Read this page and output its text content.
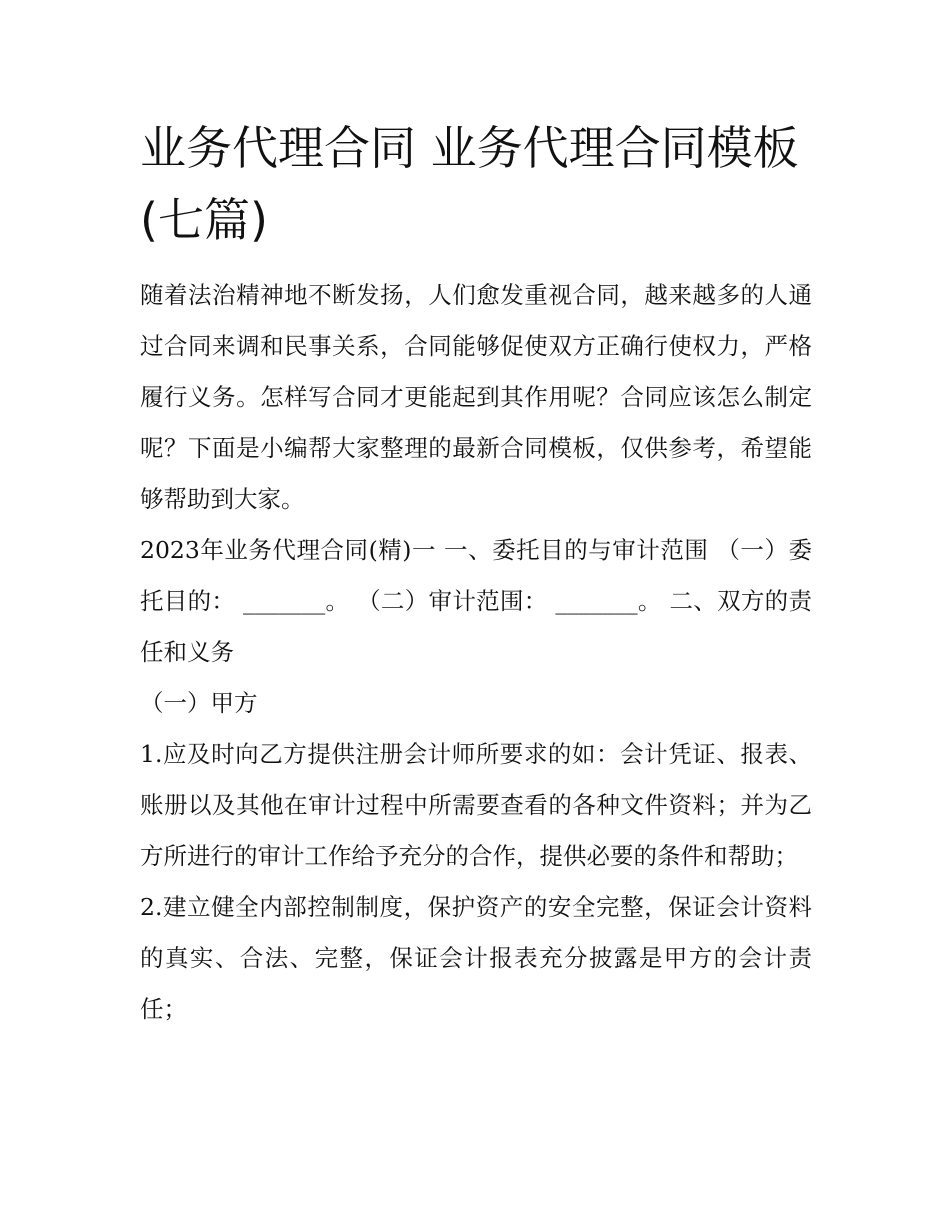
业务代理合同 业务代理合同模板(七篇)

随着法治精神地不断发扬，人们愈发重视合同，越来越多的人通过合同来调和民事关系，合同能够促使双方正确行使权力，严格履行义务。怎样写合同才更能起到其作用呢？合同应该怎么制定呢？下面是小编帮大家整理的最新合同模板，仅供参考，希望能够帮助到大家。

2023年业务代理合同(精)一 一、委托目的与审计范围 （一）委托目的： _______。 （二）审计范围： _______。 二、双方的责任和义务

（一）甲方

1.应及时向乙方提供注册会计师所要求的如：会计凭证、报表、账册以及其他在审计过程中所需要查看的各种文件资料；并为乙方所进行的审计工作给予充分的合作，提供必要的条件和帮助；

2.建立健全内部控制制度，保护资产的安全完整，保证会计资料的真实、合法、完整，保证会计报表充分披露是甲方的会计责任；
